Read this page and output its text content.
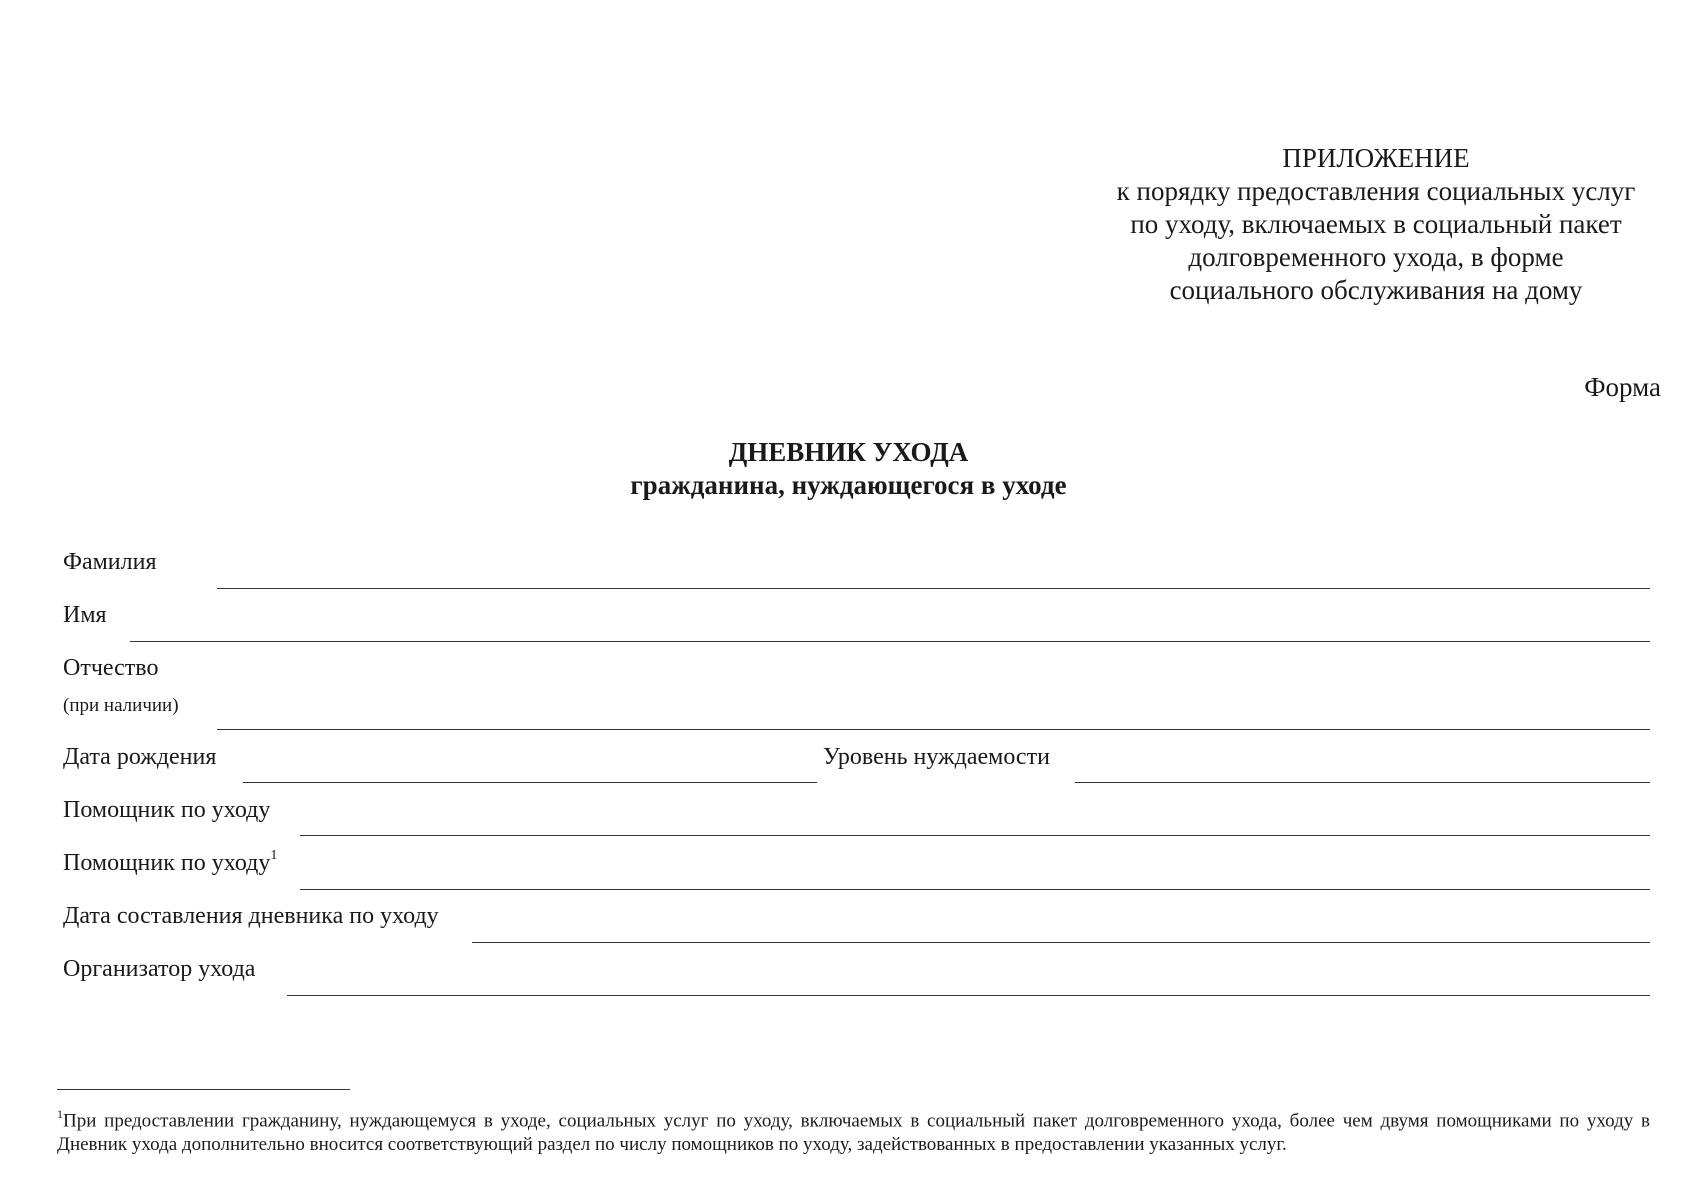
ПРИЛОЖЕНИЕ
к порядку предоставления социальных услуг
по уходу, включаемых в социальный пакет
долговременного ухода, в форме
социального обслуживания на дому
Форма
ДНЕВНИК УХОДА
гражданина, нуждающегося в уходе
Фамилия
Имя
Отчество
(при наличии)
Дата рождения	Уровень нуждаемости
Помощник по уходу
Помощник по уходу$^1$
Дата составления дневника по уходу
Организатор ухода
$^1$При предоставлении гражданину, нуждающемуся в уходе, социальных услуг по уходу, включаемых в социальный пакет долговременного ухода, более чем двумя помощниками по уходу в Дневник ухода дополнительно вносится соответствующий раздел по числу помощников по уходу, задействованных в предоставлении указанных услуг.
